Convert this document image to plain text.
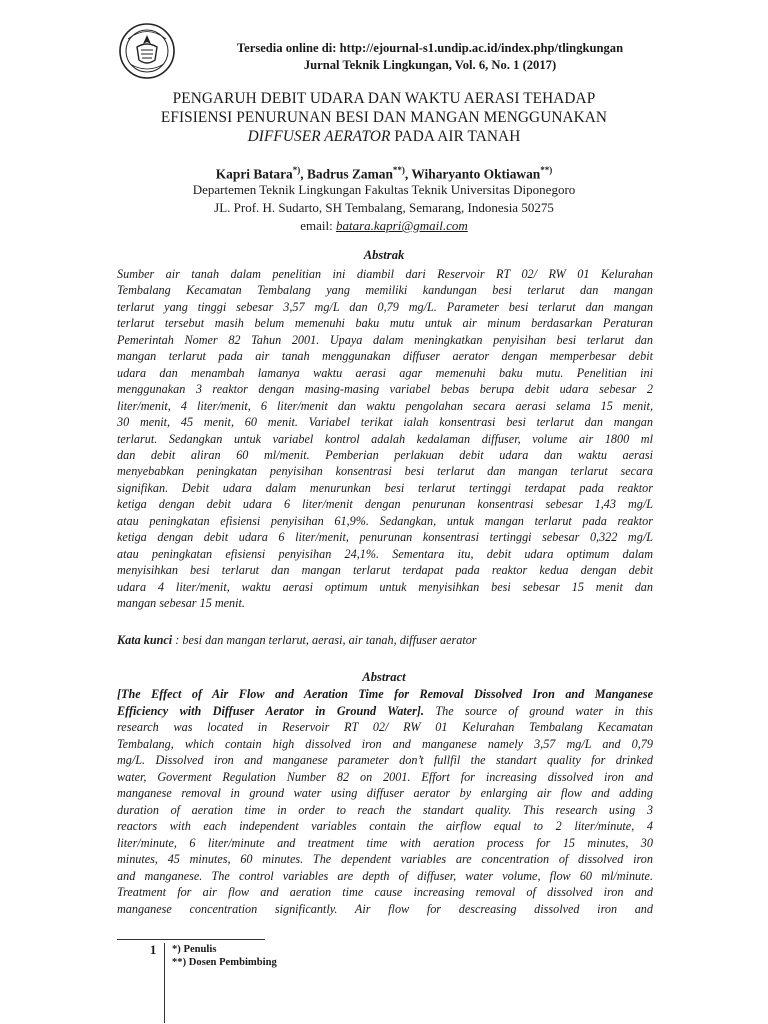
Tersedia online di: http://ejournal-s1.undip.ac.id/index.php/tlingkungan
Jurnal Teknik Lingkungan, Vol. 6, No. 1 (2017)
PENGARUH DEBIT UDARA DAN WAKTU AERASI TEHADAP
EFISIENSI PENURUNAN BESI DAN MANGAN MENGGUNAKAN
DIFFUSER AERATOR PADA AIR TANAH
Kapri Batara*), Badrus Zaman**), Wiharyanto Oktiawan**)
Departemen Teknik Lingkungan Fakultas Teknik Universitas Diponegoro
JL. Prof. H. Sudarto, SH Tembalang, Semarang, Indonesia 50275
email: batara.kapri@gmail.com
Abstrak
Sumber air tanah dalam penelitian ini diambil dari Reservoir RT 02/ RW 01 Kelurahan
Tembalang Kecamatan Tembalang yang memiliki kandungan besi terlarut dan mangan
terlarut yang tinggi sebesar 3,57 mg/L dan 0,79 mg/L. Parameter besi terlarut dan mangan
terlarut tersebut masih belum memenuhi baku mutu untuk air minum berdasarkan Peraturan
Pemerintah Nomer 82 Tahun 2001. Upaya dalam meningkatkan penyisihan besi terlarut dan
mangan terlarut pada air tanah menggunakan diffuser aerator dengan memperbesar debit
udara dan menambah lamanya waktu aerasi agar memenuhi baku mutu. Penelitian ini
menggunakan 3 reaktor dengan masing-masing variabel bebas berupa debit udara sebesar 2
liter/menit, 4 liter/menit, 6 liter/menit dan waktu pengolahan secara aerasi selama 15 menit,
30 menit, 45 menit, 60 menit. Variabel terikat ialah konsentrasi besi terlarut dan mangan
terlarut. Sedangkan untuk variabel kontrol adalah kedalaman diffuser, volume air 1800 ml
dan debit aliran 60 ml/menit. Pemberian perlakuan debit udara dan waktu aerasi
menyebabkan peningkatan penyisihan konsentrasi besi terlarut dan mangan terlarut secara
signifikan. Debit udara dalam menurunkan besi terlarut tertinggi terdapat pada reaktor
ketiga dengan debit udara 6 liter/menit dengan penurunan konsentrasi sebesar 1,43 mg/L
atau peningkatan efisiensi penyisihan 61,9%. Sedangkan, untuk mangan terlarut pada reaktor
ketiga dengan debit udara 6 liter/menit, penurunan konsentrasi tertinggi sebesar 0,322 mg/L
atau peningkatan efisiensi penyisihan 24,1%. Sementara itu, debit udara optimum dalam
menyisihkan besi terlarut dan mangan terlarut terdapat pada reaktor kedua dengan debit
udara 4 liter/menit, waktu aerasi optimum untuk menyisihkan besi sebesar 15 menit dan
mangan sebesar 15 menit.
Kata kunci : besi dan mangan terlarut, aerasi, air tanah, diffuser aerator
Abstract
[The Effect of Air Flow and Aeration Time for Removal Dissolved Iron and Manganese
Efficiency with Diffuser Aerator in Ground Water]. The source of ground water in this
research was located in Reservoir RT 02/ RW 01 Kelurahan Tembalang Kecamatan
Tembalang, which contain high dissolved iron and manganese namely 3,57 mg/L and 0,79
mg/L. Dissolved iron and manganese parameter don’t fullfil the standart quality for drinked
water, Goverment Regulation Number 82 on 2001. Effort for increasing dissolved iron and
manganese removal in ground water using diffuser aerator by enlarging air flow and adding
duration of aeration time in order to reach the standart quality. This research using 3
reactors with each independent variables contain the airflow equal to 2 liter/minute, 4
liter/minute, 6 liter/minute and treatment time with aeration process for 15 minutes, 30
minutes, 45 minutes, 60 minutes. The dependent variables are concentration of dissolved iron
and manganese. The control variables are depth of diffuser, water volume, flow 60 ml/minute.
Treatment for air flow and aeration time cause increasing removal of dissolved iron and
manganese concentration significantly. Air flow for descreasing dissolved iron and
1 *) Penulis
**) Dosen Pembimbing
